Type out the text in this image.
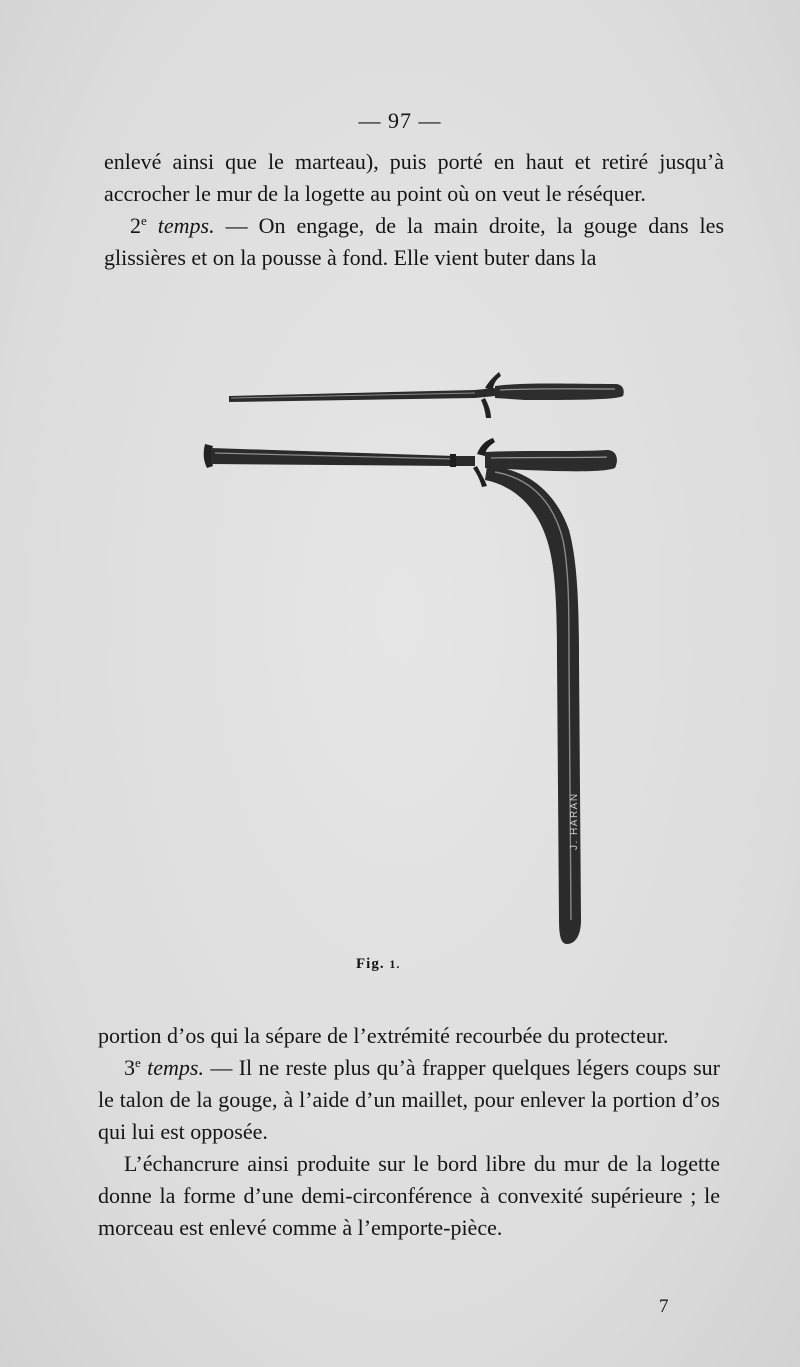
— 97 —

enlevé ainsi que le marteau), puis porté en haut et retiré jusqu’à accrocher le mur de la logette au point où on veut le réséquer.

2e temps. — On engage, de la main droite, la gouge dans les glissières et on la pousse à fond. Elle vient buter dans la

J. HARAN
Fig. 1.

portion d’os qui la sépare de l’extrémité recourbée du protecteur.

3e temps. — Il ne reste plus qu’à frapper quelques légers coups sur le talon de la gouge, à l’aide d’un maillet, pour enlever la portion d’os qui lui est opposée.

L’échancrure ainsi produite sur le bord libre du mur de la logette donne la forme d’une demi-circonférence à convexité supérieure ; le morceau est enlevé comme à l’emporte-pièce.

7
